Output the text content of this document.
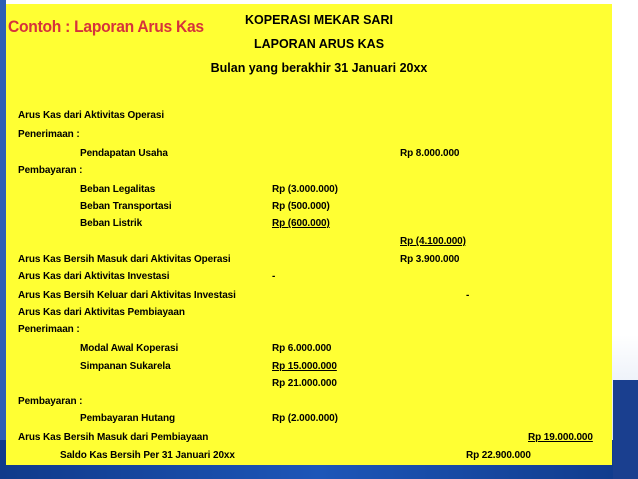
Contoh : Laporan Arus Kas	KOPERASI MEKAR SARI
LAPORAN ARUS KAS
Bulan yang berakhir 31 Januari 20xx
Arus Kas dari Aktivitas Operasi
Penerimaan :
Pendapatan Usaha	Rp 8.000.000
Pembayaran :
Beban Legalitas	Rp (3.000.000)
Beban Transportasi	Rp (500.000)
Beban Listrik	Rp (600.000)
Rp (4.100.000)
Arus Kas Bersih Masuk dari Aktivitas Operasi	Rp 3.900.000
Arus Kas dari Aktivitas Investasi	-
Arus Kas Bersih Keluar dari Aktivitas Investasi	-
Arus Kas dari Aktivitas Pembiayaan
Penerimaan :
Modal Awal Koperasi	Rp 6.000.000
Simpanan Sukarela	Rp 15.000.000
Rp 21.000.000
Pembayaran :
Pembayaran Hutang	Rp (2.000.000)
Arus Kas Bersih Masuk dari Pembiayaan	Rp 19.000.000
Saldo Kas Bersih Per 31 Januari 20xx	Rp 22.900.000
